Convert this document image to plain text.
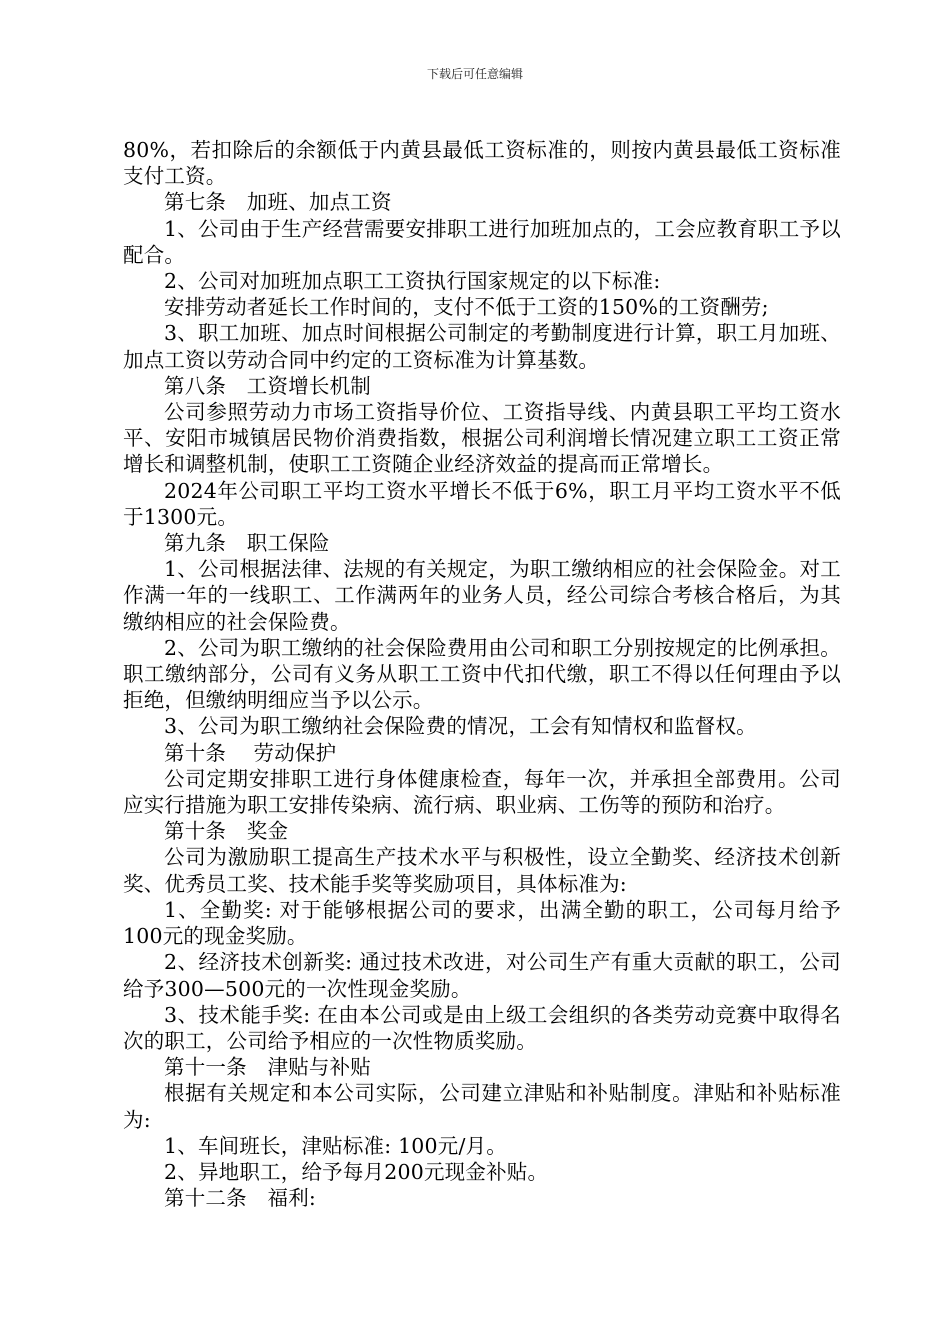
下载后可任意编辑

80%，若扣除后的余额低于内黄县最低工资标准的，则按内黄县最低工资标准支付工资。

第七条　加班、加点工资

1、公司由于生产经营需要安排职工进行加班加点的，工会应教育职工予以配合。

2、公司对加班加点职工工资执行国家规定的以下标准:

安排劳动者延长工作时间的，支付不低于工资的150%的工资酬劳;

3、职工加班、加点时间根据公司制定的考勤制度进行计算，职工月加班、加点工资以劳动合同中约定的工资标准为计算基数。

第八条　工资增长机制

公司参照劳动力市场工资指导价位、工资指导线、内黄县职工平均工资水平、安阳市城镇居民物价消费指数，根据公司利润增长情况建立职工工资正常增长和调整机制，使职工工资随企业经济效益的提高而正常增长。

2024年公司职工平均工资水平增长不低于6%，职工月平均工资水平不低于1300元。

第九条　职工保险

1、公司根据法律、法规的有关规定，为职工缴纳相应的社会保险金。对工作满一年的一线职工、工作满两年的业务人员，经公司综合考核合格后，为其缴纳相应的社会保险费。

2、公司为职工缴纳的社会保险费用由公司和职工分别按规定的比例承担。职工缴纳部分，公司有义务从职工工资中代扣代缴，职工不得以任何理由予以拒绝，但缴纳明细应当予以公示。

3、公司为职工缴纳社会保险费的情况，工会有知情权和监督权。

第十条　 劳动保护

公司定期安排职工进行身体健康检查，每年一次，并承担全部费用。公司应实行措施为职工安排传染病、流行病、职业病、工伤等的预防和治疗。

第十条　奖金

公司为激励职工提高生产技术水平与积极性，设立全勤奖、经济技术创新奖、优秀员工奖、技术能手奖等奖励项目，具体标准为:

1、全勤奖: 对于能够根据公司的要求，出满全勤的职工，公司每月给予100元的现金奖励。

2、经济技术创新奖: 通过技术改进，对公司生产有重大贡献的职工，公司给予300—500元的一次性现金奖励。

3、技术能手奖: 在由本公司或是由上级工会组织的各类劳动竞赛中取得名次的职工，公司给予相应的一次性物质奖励。

第十一条　津贴与补贴

根据有关规定和本公司实际，公司建立津贴和补贴制度。津贴和补贴标准为:

1、车间班长，津贴标准: 100元/月。

2、异地职工，给予每月200元现金补贴。

第十二条　福利:
